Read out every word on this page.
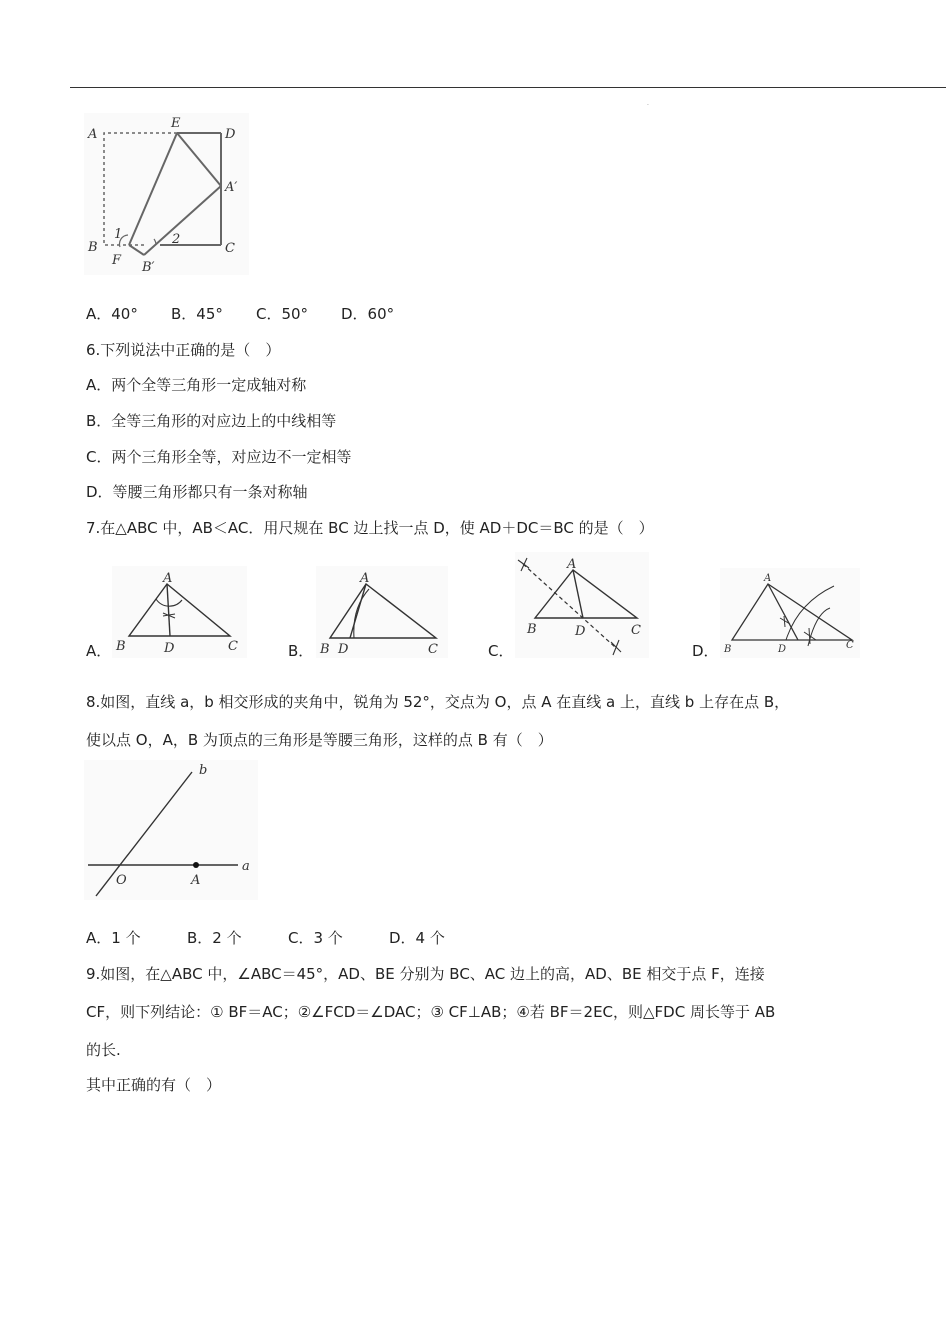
.
A
E
D
A′
B
F B′
C
1	2
A．40° B．45° C．50° D．60°
6.下列说法中正确的是（　）
A．两个全等三角形一定成轴对称
B．全等三角形的对应边上的中线相等
C．两个三角形全等，对应边不一定相等
D．等腰三角形都只有一条对称轴
7.在△ABC 中，AB＜AC．用尺规在 BC 边上找一点 D，使 AD＋DC＝BC 的是（　）
A
B	D	C
A．
A
B D	C
B．
A
B	D	C
C．
A
B	D	C
D．
8.如图，直线 a，b 相交形成的夹角中，锐角为 52°，交点为 O，点 A 在直线 a 上，直线 b 上存在点 B，
使以点 O，A，B 为顶点的三角形是等腰三角形，这样的点 B 有（　）
b
a
O	A
A．1 个	B．2 个	C．3 个	D．4 个
9.如图，在△ABC 中，∠ABC＝45°，AD、BE 分别为 BC、AC 边上的高，AD、BE 相交于点 F，连接
CF，则下列结论：① BF＝AC；②∠FCD＝∠DAC；③ CF⊥AB；④若 BF＝2EC，则△FDC 周长等于 AB
的长.
其中正确的有（　）
